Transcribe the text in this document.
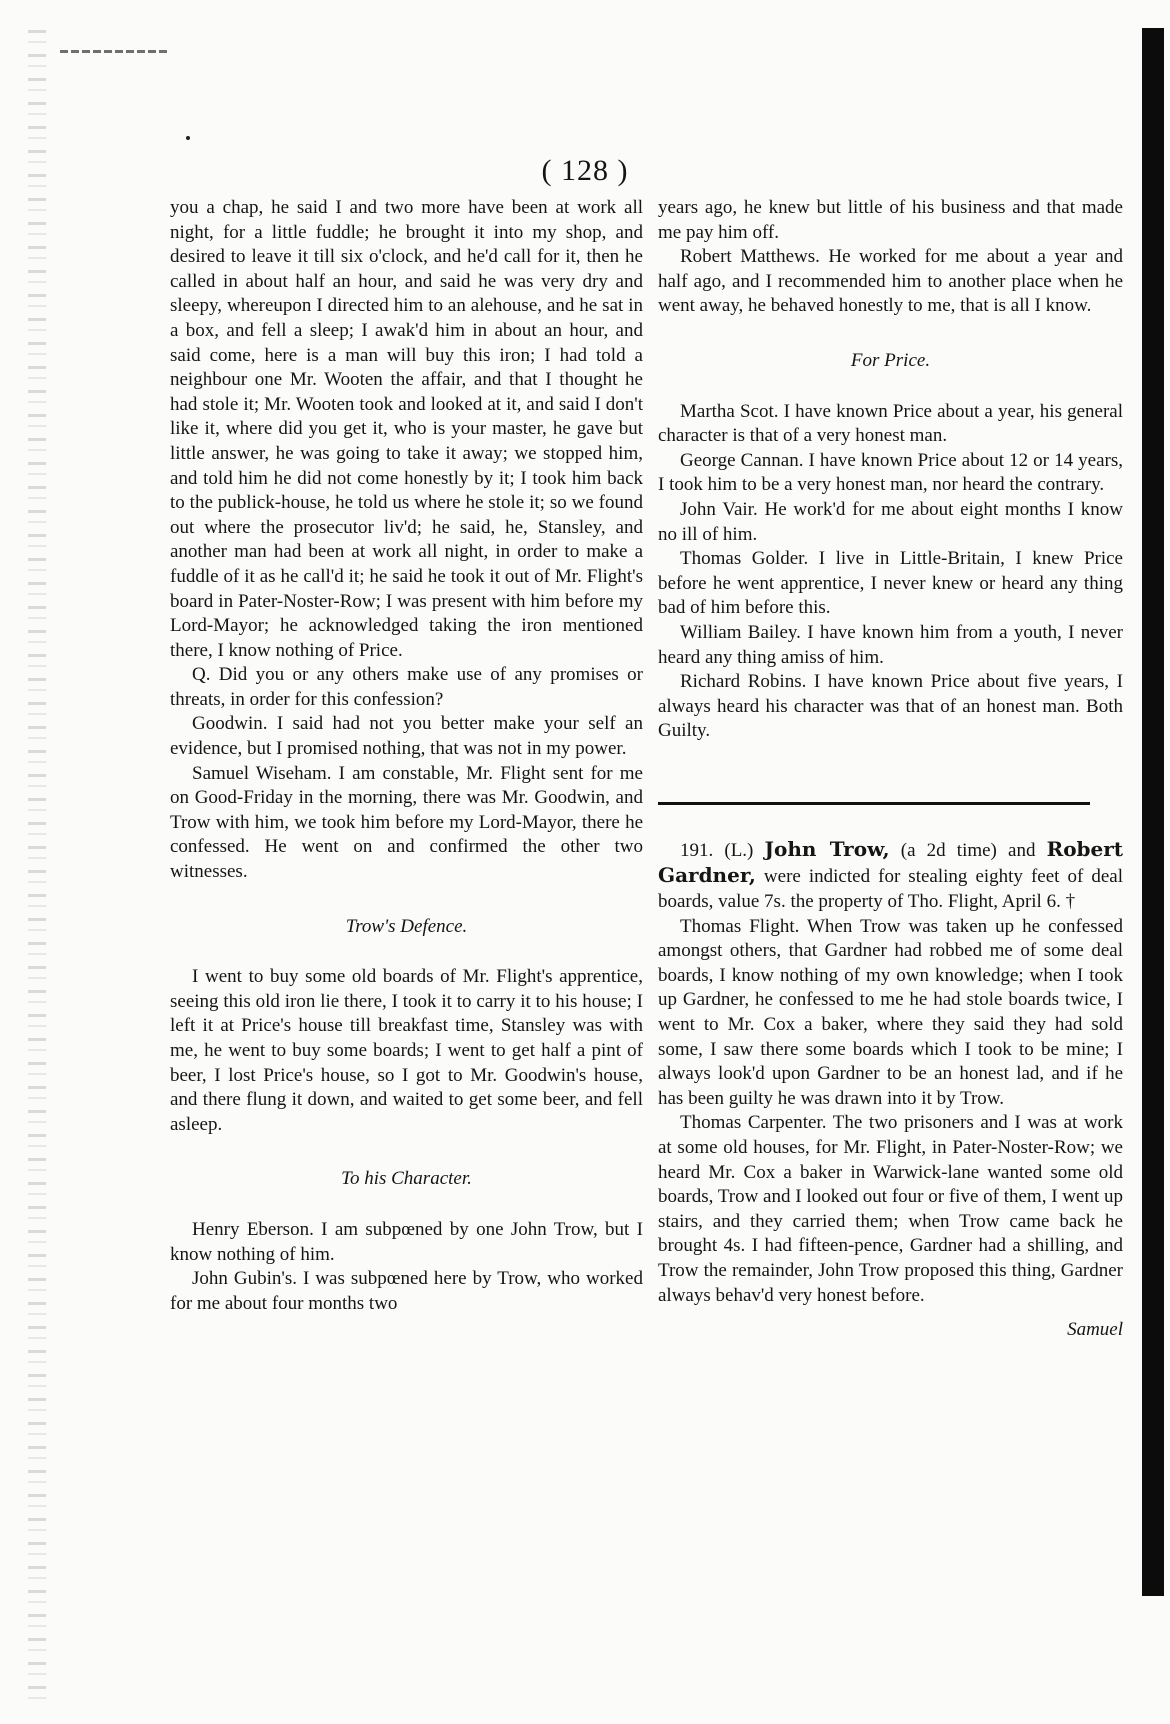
( 128 )

you a chap, he said I and two more have been at work all night, for a little fuddle; he brought it into my shop, and desired to leave it till six o'clock, and he'd call for it, then he called in about half an hour, and said he was very dry and sleepy, whereupon I directed him to an alehouse, and he sat in a box, and fell a sleep; I awak'd him in about an hour, and said come, here is a man will buy this iron; I had told a neighbour one Mr. Wooten the affair, and that I thought he had stole it; Mr. Wooten took and looked at it, and said I don't like it, where did you get it, who is your master, he gave but little answer, he was going to take it away; we stopped him, and told him he did not come honestly by it; I took him back to the publick-house, he told us where he stole it; so we found out where the prosecutor liv'd; he said, he, Stansley, and another man had been at work all night, in order to make a fuddle of it as he call'd it; he said he took it out of Mr. Flight's board in Pater-Noster-Row; I was present with him before my Lord-Mayor; he acknowledged taking the iron mentioned there, I know nothing of Price.

Q. Did you or any others make use of any promises or threats, in order for this confession?

Goodwin. I said had not you better make your self an evidence, but I promised nothing, that was not in my power.

Samuel Wiseham. I am constable, Mr. Flight sent for me on Good-Friday in the morning, there was Mr. Goodwin, and Trow with him, we took him before my Lord-Mayor, there he confessed. He went on and confirmed the other two witnesses.

Trow's Defence.

I went to buy some old boards of Mr. Flight's apprentice, seeing this old iron lie there, I took it to carry it to his house; I left it at Price's house till breakfast time, Stansley was with me, he went to buy some boards; I went to get half a pint of beer, I lost Price's house, so I got to Mr. Goodwin's house, and there flung it down, and waited to get some beer, and fell asleep.

To his Character.

Henry Eberson. I am subpœned by one John Trow, but I know nothing of him.

John Gubin's. I was subpœned here by Trow, who worked for me about four months two

years ago, he knew but little of his business and that made me pay him off.

Robert Matthews. He worked for me about a year and half ago, and I recommended him to another place when he went away, he behaved honestly to me, that is all I know.

For Price.

Martha Scot. I have known Price about a year, his general character is that of a very honest man.

George Cannan. I have known Price about 12 or 14 years, I took him to be a very honest man, nor heard the contrary.

John Vair. He work'd for me about eight months I know no ill of him.

Thomas Golder. I live in Little-Britain, I knew Price before he went apprentice, I never knew or heard any thing bad of him before this.

William Bailey. I have known him from a youth, I never heard any thing amiss of him.

Richard Robins. I have known Price about five years, I always heard his character was that of an honest man. Both Guilty.

191. (L.) John Trow, (a 2d time) and Robert Gardner, were indicted for stealing eighty feet of deal boards, value 7s. the property of Tho. Flight, April 6. †

Thomas Flight. When Trow was taken up he confessed amongst others, that Gardner had robbed me of some deal boards, I know nothing of my own knowledge; when I took up Gardner, he confessed to me he had stole boards twice, I went to Mr. Cox a baker, where they said they had sold some, I saw there some boards which I took to be mine; I always look'd upon Gardner to be an honest lad, and if he has been guilty he was drawn into it by Trow.

Thomas Carpenter. The two prisoners and I was at work at some old houses, for Mr. Flight, in Pater-Noster-Row; we heard Mr. Cox a baker in Warwick-lane wanted some old boards, Trow and I looked out four or five of them, I went up stairs, and they carried them; when Trow came back he brought 4s. I had fifteen-pence, Gardner had a shilling, and Trow the remainder, John Trow proposed this thing, Gardner always behav'd very honest before.

Samuel
